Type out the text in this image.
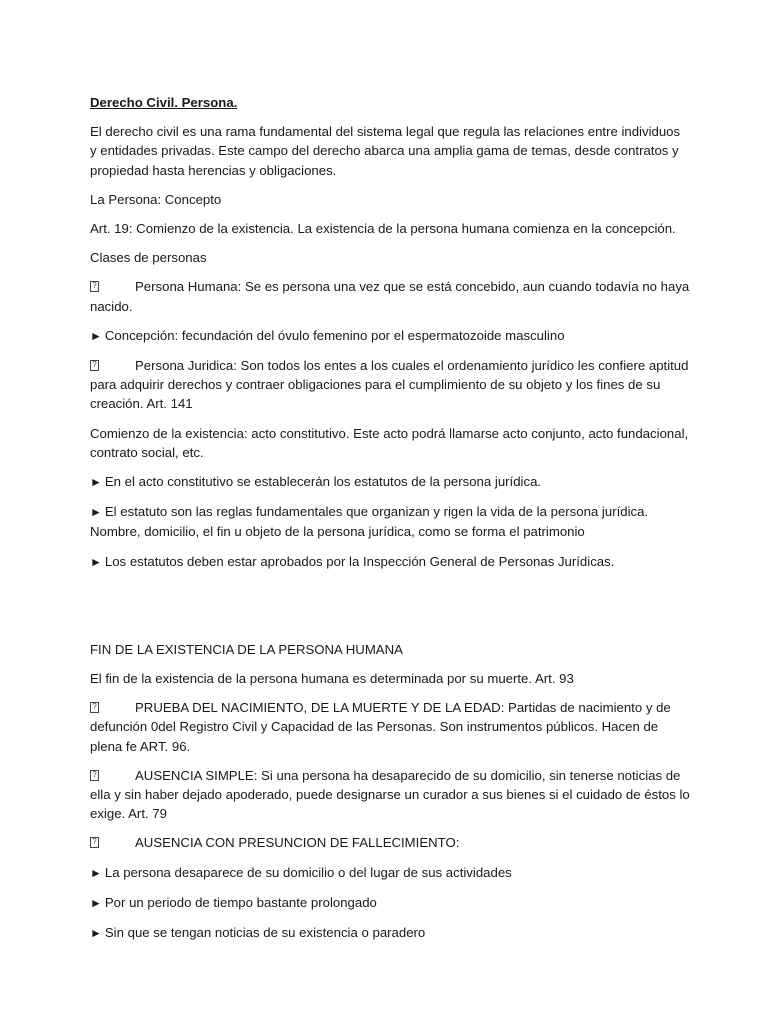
Derecho Civil. Persona.

El derecho civil es una rama fundamental del sistema legal que regula las relaciones entre individuos y entidades privadas. Este campo del derecho abarca una amplia gama de temas, desde contratos y propiedad hasta herencias y obligaciones.

La Persona: Concepto

Art. 19: Comienzo de la existencia. La existencia de la persona humana comienza en la concepción.

Clases de personas

?Persona Humana: Se es persona una vez que se está concebido, aun cuando todavía no haya nacido.

► Concepción: fecundación del óvulo femenino por el espermatozoide masculino

?Persona Juridica: Son todos los entes a los cuales el ordenamiento jurídico les confiere aptitud para adquirir derechos y contraer obligaciones para el cumplimiento de su objeto y los fines de su creación. Art. 141

Comienzo de la existencia: acto constitutivo. Este acto podrá llamarse acto conjunto, acto fundacional, contrato social, etc.

► En el acto constitutivo se establecerán los estatutos de la persona jurídica.

► El estatuto son las reglas fundamentales que organizan y rigen la vida de la persona jurídica. Nombre, domicilio, el fin u objeto de la persona jurídica, como se forma el patrimonio

► Los estatutos deben estar aprobados por la Inspección General de Personas Jurídicas.

FIN DE LA EXISTENCIA DE LA PERSONA HUMANA

El fin de la existencia de la persona humana es determinada por su muerte. Art. 93

?PRUEBA DEL NACIMIENTO, DE LA MUERTE Y DE LA EDAD: Partidas de nacimiento y de defunción 0del Registro Civil y Capacidad de las Personas. Son instrumentos públicos. Hacen de plena fe ART. 96.

?AUSENCIA SIMPLE: Si una persona ha desaparecido de su domicilio, sin tenerse noticias de ella y sin haber dejado apoderado, puede designarse un curador a sus bienes si el cuidado de éstos lo exige. Art. 79

?AUSENCIA CON PRESUNCION DE FALLECIMIENTO:

► La persona desaparece de su domicilio o del lugar de sus actividades

► Por un periodo de tiempo bastante prolongado

► Sin que se tengan noticias de su existencia o paradero
